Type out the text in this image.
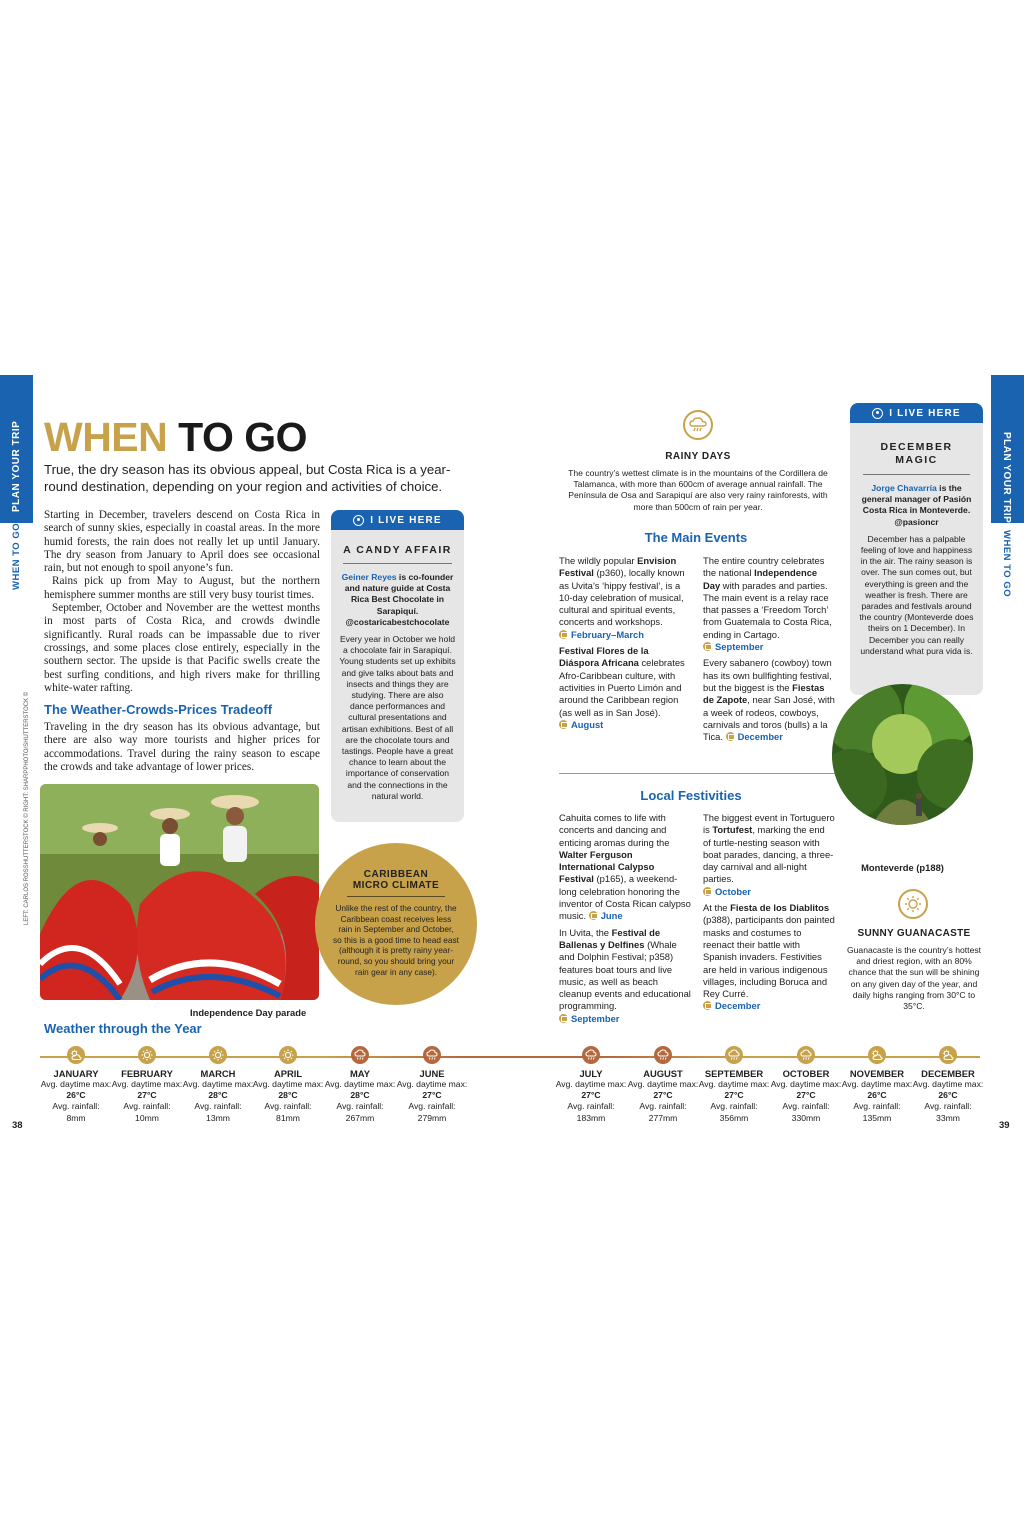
PLAN YOUR TRIP
WHEN TO GO
PLAN YOUR TRIP
WHEN TO GO
WHEN TO GO
True, the dry season has its obvious appeal, but Costa Rica is a year-round destination, depending on your region and activities of choice.

Starting in December, travelers descend on Costa Rica in search of sunny skies, especially in coastal areas. In the more humid forests, the rain does not really let up until January. The dry season from January to April does see occasional rain, but not enough to spoil anyone’s fun.

Rains pick up from May to August, but the northern hemisphere summer months are still very busy tourist times.

September, October and November are the wettest months in most parts of Costa Rica, and crowds dwindle significantly. Rural roads can be impassable due to river crossings, and some places close entirely, especially in the southern sector. The upside is that Pacific swells create the best surfing conditions, and high rivers make for thrilling white-water rafting.

The Weather-Crowds-Prices Tradeoff
Traveling in the dry season has its obvious advantage, but there are also way more tourists and higher prices for accommodations. Travel during the rainy season to escape the crowds and take advantage of lower prices.
LEFT: CARLOS ROSSHUTTERSTOCK © RIGHT: SHARPPHOTO/SHUTTERSTOCK ©
Independence Day parade
I LIVE HERE
A CANDY AFFAIR
Geiner Reyes is co-founder and nature guide at Costa Rica Best Chocolate in Sarapiquí. @costaricabestchocolate
Every year in October we hold a chocolate fair in Sarapiquí. Young students set up exhibits and give talks about bats and insects and things they are studying. There are also dance performances and cultural presentations and artisan exhibitions. Best of all are the chocolate tours and tastings. People have a great chance to learn about the importance of conservation and the connections in the natural world.
CARIBBEAN MICRO CLIMATE
Unlike the rest of the country, the Caribbean coast receives less rain in September and October, so this is a good time to head east (although it is pretty rainy year-round, so you should bring your rain gear in any case).
RAINY DAYS
The country’s wettest climate is in the mountains of the Cordillera de Talamanca, with more than 600cm of average annual rainfall. The Península de Osa and Sarapiquí are also very rainy rainforests, with more than 500cm of rain per year.
The Main Events

The wildly popular Envision Festival (p360), locally known as Uvita’s ‘hippy festival’, is a 10-day celebration of musical, cultural and spiritual events, concerts and workshops.
February–March

Festival Flores de la Diáspora Africana celebrates Afro-Caribbean culture, with activities in Puerto Limón and around the Caribbean region (as well as in San José).
August

The entire country celebrates the national Independence Day with parades and parties. The main event is a relay race that passes a ‘Freedom Torch’ from Guatemala to Costa Rica, ending in Cartago.
September

Every sabanero (cowboy) town has its own bullfighting festival, but the biggest is the Fiestas de Zapote, near San José, with a week of rodeos, cowboys, carnivals and toros (bulls) a la Tica. December

Local Festivities

Cahuita comes to life with concerts and dancing and enticing aromas during the Walter Ferguson International Calypso Festival (p165), a weekend-long celebration honoring the inventor of Costa Rican calypso music. June

In Uvita, the Festival de Ballenas y Delfines (Whale and Dolphin Festival; p358) features boat tours and live music, as well as beach cleanup events and educational programming.
September

The biggest event in Tortuguero is Tortufest, marking the end of turtle-nesting season with boat parades, dancing, a three-day carnival and all-night parties.
October

At the Fiesta de los Diablitos (p388), participants don painted masks and costumes to reenact their battle with Spanish invaders. Festivities are held in various indigenous villages, including Boruca and Rey Curré.
December

I LIVE HERE
DECEMBER MAGIC
Jorge Chavarría is the general manager of Pasión Costa Rica in Monteverde. @pasioncr
December has a palpable feeling of love and happiness in the air. The rainy season is over. The sun comes out, but everything is green and the weather is fresh. There are parades and festivals around the country (Monteverde does theirs on 1 December). In December you can really understand what pura vida is.
Monteverde (p188)
SUNNY GUANACASTE
Guanacaste is the country’s hottest and driest region, with an 80% chance that the sun will be shining on any given day of the year, and daily highs ranging from 30°C to 35°C.
Weather through the Year
JANUARY
Avg. daytime max: 26°C
Avg. rainfall:
8mm
FEBRUARY
Avg. daytime max: 27°C
Avg. rainfall:
10mm
MARCH
Avg. daytime max: 28°C
Avg. rainfall:
13mm
APRIL
Avg. daytime max: 28°C
Avg. rainfall:
81mm
MAY
Avg. daytime max: 28°C
Avg. rainfall:
267mm
JUNE
Avg. daytime max: 27°C
Avg. rainfall:
279mm
JULY
Avg. daytime max: 27°C
Avg. rainfall:
183mm
AUGUST
Avg. daytime max: 27°C
Avg. rainfall:
277mm
SEPTEMBER
Avg. daytime max: 27°C
Avg. rainfall:
356mm
OCTOBER
Avg. daytime max: 27°C
Avg. rainfall:
330mm
NOVEMBER
Avg. daytime max: 26°C
Avg. rainfall:
135mm
DECEMBER
Avg. daytime max: 26°C
Avg. rainfall:
33mm
38	39
